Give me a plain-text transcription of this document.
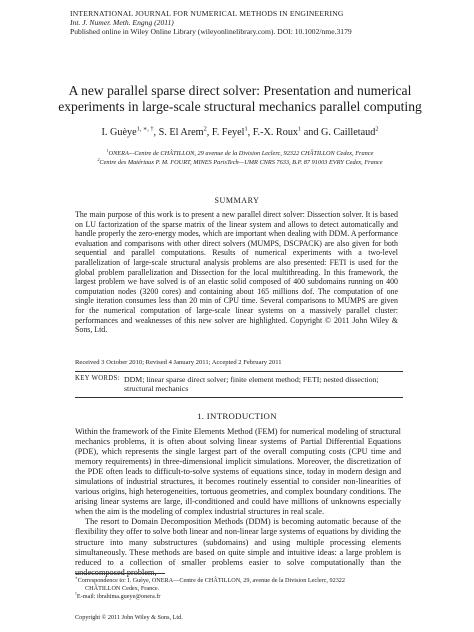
INTERNATIONAL JOURNAL FOR NUMERICAL METHODS IN ENGINEERING
Int. J. Numer. Meth. Engng (2011)
Published online in Wiley Online Library (wileyonlinelibrary.com). DOI: 10.1002/nme.3179
A new parallel sparse direct solver: Presentation and numerical experiments in large-scale structural mechanics parallel computing
I. Guèye$^{1, ∗, \dagger}$, S. El Arem$^2$, F. Feyel$^1$, F.-X. Roux$^1$ and G. Cailletaud$^2$
$^1$ONERA—Centre de CHÂTILLON, 29 avenue de la Division Leclerc, 92322 CHÂTILLON Cedex, France
$^2$Centre des Matériaux P. M. FOURT, MINES ParisTech—UMR CNRS 7633, B.P. 87 91003 EVRY Cedex, France
SUMMARY
The main purpose of this work is to present a new parallel direct solver: Dissection solver. It is based on LU factorization of the sparse matrix of the linear system and allows to detect automatically and handle properly the zero-energy modes, which are important when dealing with DDM. A performance evaluation and comparisons with other direct solvers (MUMPS, DSCPACK) are also given for both sequential and parallel computations. Results of numerical experiments with a two-level parallelization of large-scale structural analysis problems are also presented: FETI is used for the global problem parallelization and Dissection for the local multithreading. In this framework, the largest problem we have solved is of an elastic solid composed of 400 subdomains running on 400 computation nodes (3200 cores) and containing about 165 millions dof. The computation of one single iteration consumes less than 20 min of CPU time. Several comparisons to MUMPS are given for the numerical computation of large-scale linear systems on a massively parallel cluster: performances and weaknesses of this new solver are highlighted. Copyright © 2011 John Wiley & Sons, Ltd.
Received 3 October 2010; Revised 4 January 2011; Accepted 2 February 2011
KEY WORDS: DDM; linear sparse direct solver; finite element method; FETI; nested dissection; structural mechanics
1. INTRODUCTION

Within the framework of the Finite Elements Method (FEM) for numerical modeling of structural mechanics problems, it is often about solving linear systems of Partial Differential Equations (PDE), which represents the single largest part of the overall computing costs (CPU time and memory requirements) in three-dimensional implicit simulations. Moreover, the discretization of the PDE often leads to difficult-to-solve systems of equations since, today in modern design and simulations of industrial structures, it becomes routinely essential to consider non-linearities of various origins, high heterogeneities, tortuous geometries, and complex boundary conditions. The arising linear systems are large, ill-conditioned and could have millions of unknowns especially when the aim is the modeling of complex industrial structures in real scale.

The resort to Domain Decomposition Methods (DDM) is becoming automatic because of the flexibility they offer to solve both linear and non-linear large systems of equations by dividing the structure into many substructures (subdomains) and using multiple processing elements simultaneously. These methods are based on quite simple and intuitive ideas: a large problem is reduced to a collection of smaller problems easier to solve computationally than the undecomposed problem,

∗Correspondence to: I. Guèye, ONERA—Centre de CHÂTILLON, 29, avenue de la Division Leclerc, 92322
CHÂTILLON Cedex, France.
†E-mail: ibrahima.gueye@onera.fr
Copyright © 2011 John Wiley & Sons, Ltd.
